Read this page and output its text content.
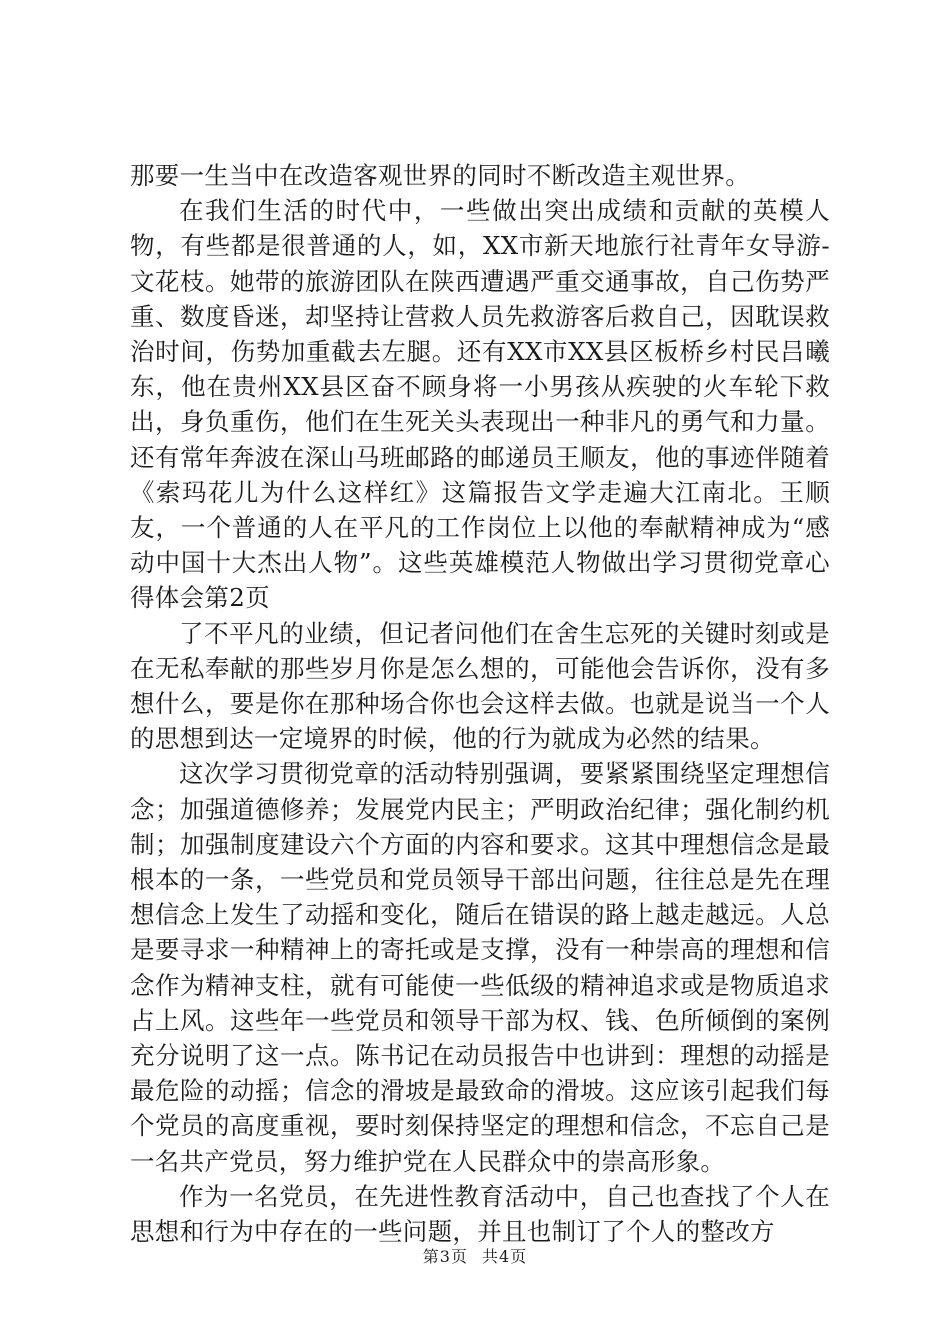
那要一生当中在改造客观世界的同时不断改造主观世界。

在我们生活的时代中，一些做出突出成绩和贡献的英模人物，有些都是很普通的人，如，XX市新天地旅行社青年女导游-文花枝。她带的旅游团队在陕西遭遇严重交通事故，自己伤势严重、数度昏迷，却坚持让营救人员先救游客后救自己，因耽误救治时间，伤势加重截去左腿。还有XX市XX县区板桥乡村民吕曦东，他在贵州XX县区奋不顾身将一小男孩从疾驶的火车轮下救出，身负重伤，他们在生死关头表现出一种非凡的勇气和力量。还有常年奔波在深山马班邮路的邮递员王顺友，他的事迹伴随着《索玛花儿为什么这样红》这篇报告文学走遍大江南北。王顺友，一个普通的人在平凡的工作岗位上以他的奉献精神成为“感动中国十大杰出人物”。这些英雄模范人物做出学习贯彻党章心得体会第2页

了不平凡的业绩，但记者问他们在舍生忘死的关键时刻或是在无私奉献的那些岁月你是怎么想的，可能他会告诉你，没有多想什么，要是你在那种场合你也会这样去做。也就是说当一个人的思想到达一定境界的时候，他的行为就成为必然的结果。

这次学习贯彻党章的活动特别强调，要紧紧围绕坚定理想信念；加强道德修养；发展党内民主；严明政治纪律；强化制约机制；加强制度建设六个方面的内容和要求。这其中理想信念是最根本的一条，一些党员和党员领导干部出问题，往往总是先在理想信念上发生了动摇和变化，随后在错误的路上越走越远。人总是要寻求一种精神上的寄托或是支撑，没有一种崇高的理想和信念作为精神支柱，就有可能使一些低级的精神追求或是物质追求占上风。这些年一些党员和领导干部为权、钱、色所倾倒的案例充分说明了这一点。陈书记在动员报告中也讲到：理想的动摇是最危险的动摇；信念的滑坡是最致命的滑坡。这应该引起我们每个党员的高度重视，要时刻保持坚定的理想和信念，不忘自己是一名共产党员，努力维护党在人民群众中的崇高形象。

作为一名党员，在先进性教育活动中，自己也查找了个人在思想和行为中存在的一些问题，并且也制订了个人的整改方

第3页 共4页
